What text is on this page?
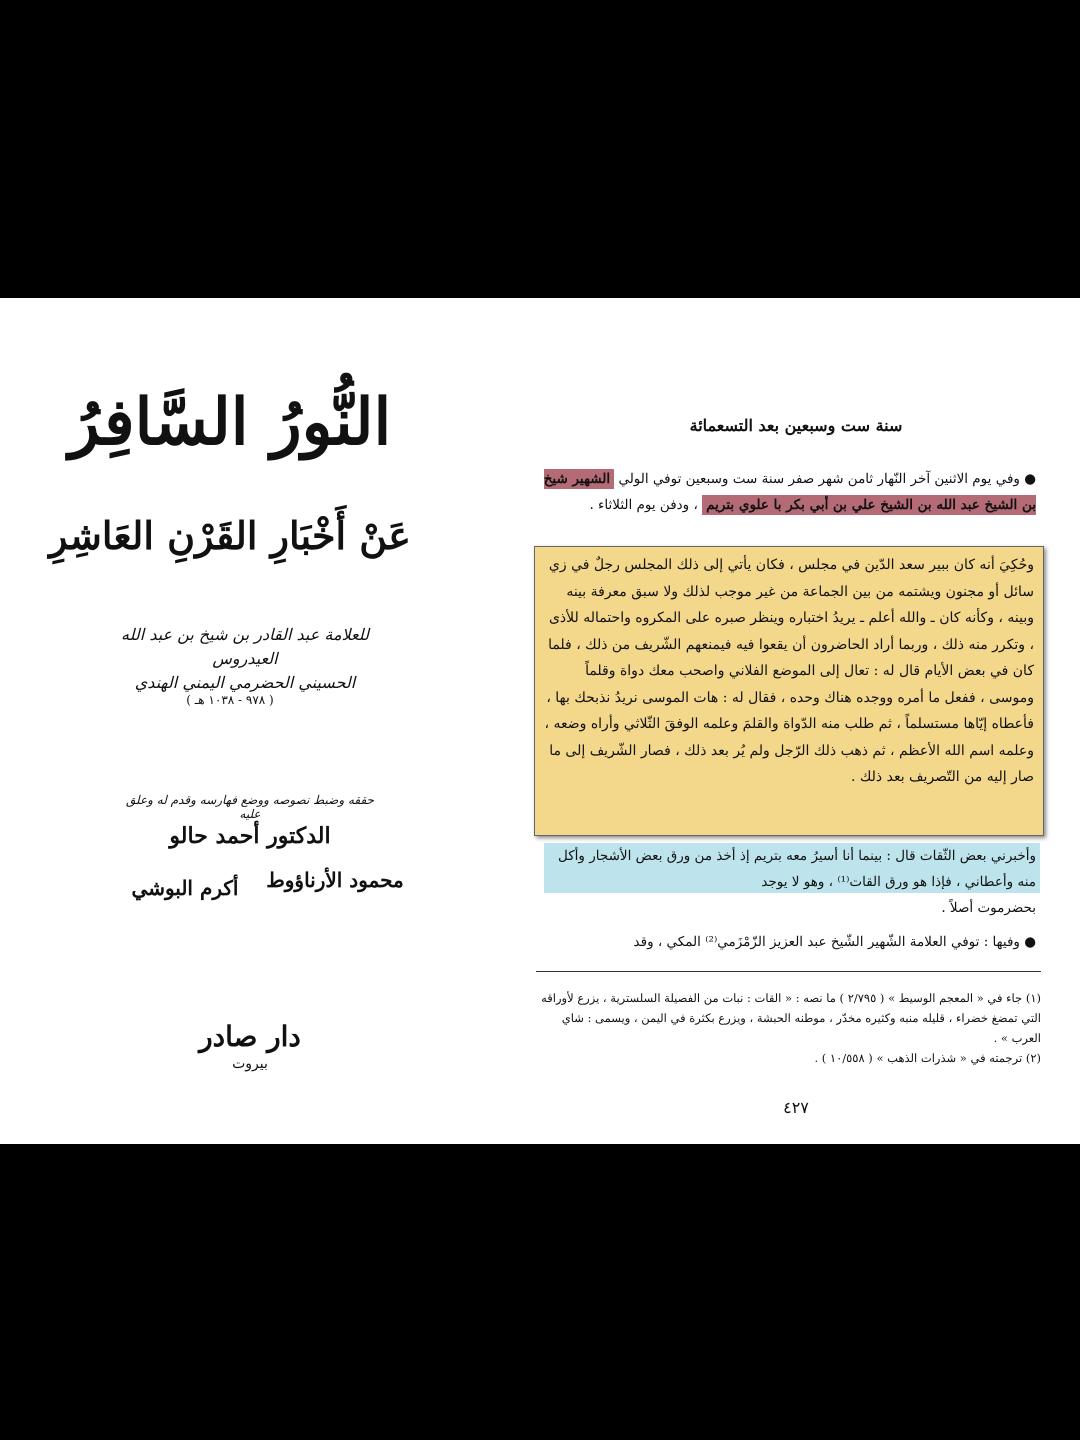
النُّورُ السَّافِرُ
عَنْ أَخْبَارِ القَرْنِ العَاشِرِ
للعلامة عبد القادر بن شيخ بن عبد الله العيدروس
الحسيني الحضرمي اليمني الهندي
( ٩٧٨ - ١٠٣٨ هـ )
حققه وضبط نصوصه ووضع فهارسه وقدم له وعلق عليه
الدكتور أحمد حالو
محمود الأرناؤوط
أكرم البوشي
دار صادر
بيروت
سنة ست وسبعين بعد التسعمائة
● وفي يوم الاثنين آخر النّهار ثامن شهر صفر سنة ست وسبعين توفي الولي الشهير شيخ بن الشيخ عبد الله بن الشيخ علي بن أبي بكر با علوي بتريم ، ودفن يوم الثلاثاء .
وحُكِيَ أنه كان ببير سعد الدّين في مجلس ، فكان يأتي إلى ذلك المجلس رجلٌ في زي سائل أو مجنون ويشتمه من بين الجماعة من غير موجب لذلك ولا سبق معرفة بينه وبينه ، وكأنه كان ـ والله أعلم ـ يريدُ اختباره وينظر صبره على المكروه واحتماله للأذى ، وتكرر منه ذلك ، وربما أراد الحاضرون أن يقعوا فيه فيمنعهم الشّريف من ذلك ، فلما كان في بعض الأيام قال له : تعال إلى الموضع الفلاني واصحب معك دواة وقلماً وموسى ، ففعل ما أمره ووجده هناك وحده ، فقال له : هات الموسى نريدُ نذبحك بها ، فأعطاه إيّاها مستسلماً ، ثم طلب منه الدّواة والقلمَ وعلمه الوفقَ الثّلاثي وأراه وضعه ، وعلمه اسم الله الأعظم ، ثم ذهب ذلك الرّجل ولم يُر بعد ذلك ، فصار الشّريف إلى ما صار إليه من التّصريف بعد ذلك .
وأخبرني بعض الثّقات قال : بينما أنا أسيرُ معه بتريم إذ أخذ من ورق بعض الأشجار وأكل منه وأعطاني ، فإذا هو ورق القات⁽¹⁾ ، وهو لا يوجد
بحضرموت أصلاً .
● وفيها : توفي العلامة الشّهير الشّيخ عبد العزيز الزّمْزَمي⁽²⁾ المكي ، وقد
(١) جاء في « المعجم الوسيط » ( ٢/٧٩٥ ) ما نصه : « القات : نبات من الفصيلة السلسترية ، يزرع لأوراقه التي تمضغ خضراء ، قليله منبه وكثيره مخدّر ، موطنه الحبشة ، ويزرع بكثرة في اليمن ، ويسمى : شاي العرب » .
(٢) ترجمته في « شذرات الذهب » ( ١٠/٥٥٨ ) .
٤٢٧
